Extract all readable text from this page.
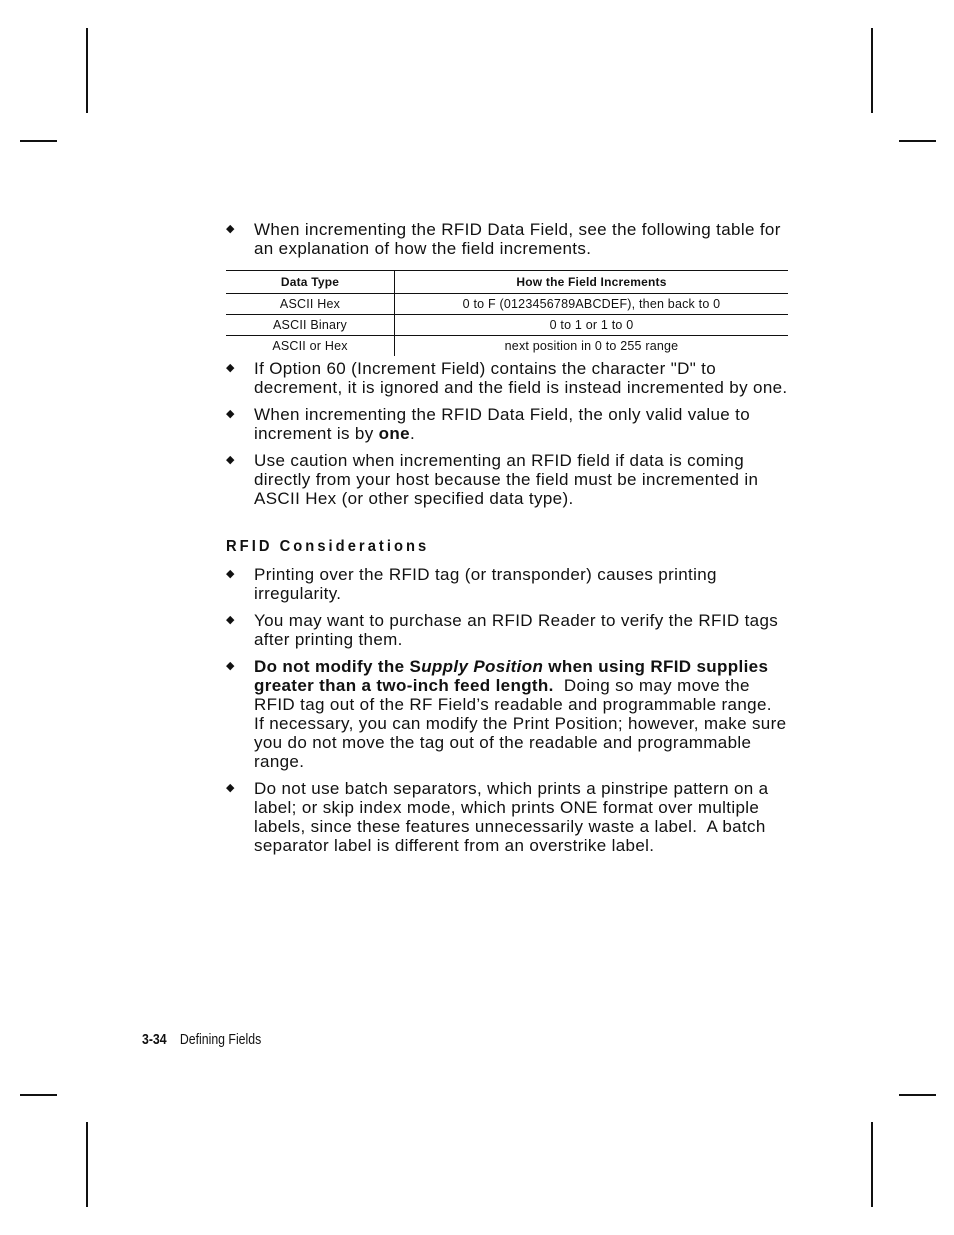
◆ When incrementing the RFID Data Field, see the following table for an explanation of how the field increments.

Data Type	How the Field Increments
ASCII Hex	0 to F (0123456789ABCDEF), then back to 0
ASCII Binary	0 to 1 or 1 to 0
ASCII or Hex	next position in 0 to 255 range

◆ If Option 60 (Increment Field) contains the character "D" to decrement, it is ignored and the field is instead incremented by one.

◆ When incrementing the RFID Data Field, the only valid value to increment is by one.

◆ Use caution when incrementing an RFID field if data is coming directly from your host because the field must be incremented in ASCII Hex (or other specified data type).

RFID Considerations

◆ Printing over the RFID tag (or transponder) causes printing irregularity.

◆ You may want to purchase an RFID Reader to verify the RFID tags after printing them.

◆ Do not modify the Supply Position when using RFID supplies greater than a two-inch feed length.  Doing so may move the RFID tag out of the RF Field’s readable and programmable range.  If necessary, you can modify the Print Position; however, make sure you do not move the tag out of the readable and programmable range.

◆ Do not use batch separators, which prints a pinstripe pattern on a label; or skip index mode, which prints ONE format over multiple labels, since these features unnecessarily waste a label.  A batch separator label is different from an overstrike label.

3-34 Defining Fields
